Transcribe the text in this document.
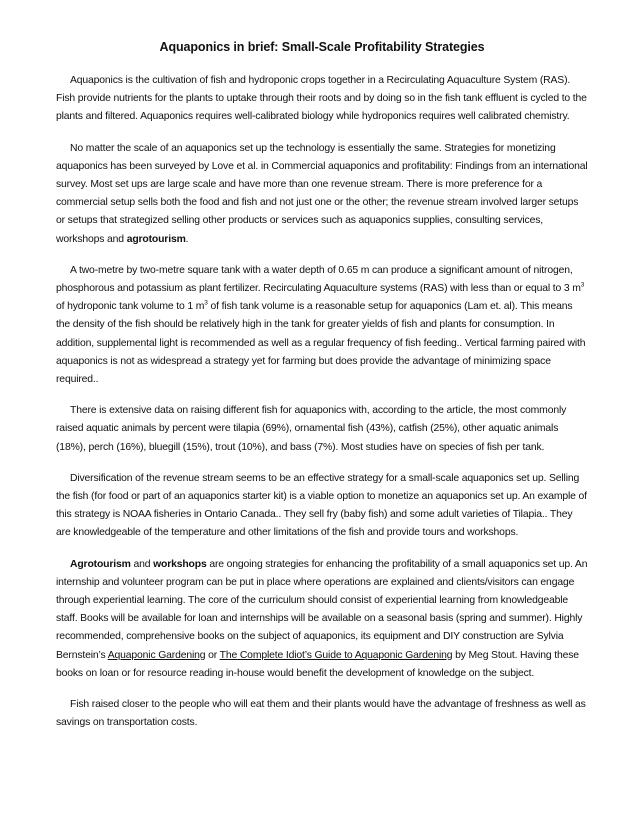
Aquaponics in brief: Small-Scale Profitability Strategies

Aquaponics is the cultivation of fish and hydroponic crops together in a Recirculating Aquaculture System (RAS). Fish provide nutrients for the plants to uptake through their roots and by doing so in the fish tank effluent is cycled to the plants and filtered. Aquaponics requires well-calibrated biology while hydroponics requires well calibrated chemistry.

No matter the scale of an aquaponics set up the technology is essentially the same. Strategies for monetizing aquaponics has been surveyed by Love et al. in Commercial aquaponics and profitability: Findings from an international survey. Most set ups are large scale and have more than one revenue stream. There is more preference for a commercial setup sells both the food and fish and not just one or the other; the revenue stream involved larger setups or setups that strategized selling other products or services such as aquaponics supplies, consulting services, workshops and agrotourism.

A two-metre by two-metre square tank with a water depth of 0.65 m can produce a significant amount of nitrogen, phosphorous and potassium as plant fertilizer. Recirculating Aquaculture systems (RAS) with less than or equal to 3 $m^3$ of hydroponic tank volume to 1 $m^3$ of fish tank volume is a reasonable setup for aquaponics (Lam et. al). This means the density of the fish should be relatively high in the tank for greater yields of fish and plants for consumption. In addition, supplemental light is recommended as well as a regular frequency of fish feeding.. Vertical farming paired with aquaponics is not as widespread a strategy yet for farming but does provide the advantage of minimizing space required..

There is extensive data on raising different fish for aquaponics with, according to the article, the most commonly raised aquatic animals by percent were tilapia (69%), ornamental fish (43%), catfish (25%), other aquatic animals (18%), perch (16%), bluegill (15%), trout (10%), and bass (7%). Most studies have on species of fish per tank.

Diversification of the revenue stream seems to be an effective strategy for a small-scale aquaponics set up. Selling the fish (for food or part of an aquaponics starter kit) is a viable option to monetize an aquaponics set up. An example of this strategy is NOAA fisheries in Ontario Canada.. They sell fry (baby fish) and some adult varieties of Tilapia.. They are knowledgeable of the temperature and other limitations of the fish and provide tours and workshops.

Agrotourism and workshops are ongoing strategies for enhancing the profitability of a small aquaponics set up. An internship and volunteer program can be put in place where operations are explained and clients/visitors can engage through experiential learning. The core of the curriculum should consist of experiential learning from knowledgeable staff. Books will be available for loan and internships will be available on a seasonal basis (spring and summer). Highly recommended, comprehensive books on the subject of aquaponics, its equipment and DIY construction are Sylvia Bernstein’s Aquaponic Gardening or The Complete Idiot’s Guide to Aquaponic Gardening by Meg Stout. Having these books on loan or for resource reading in-house would benefit the development of knowledge on the subject.

Fish raised closer to the people who will eat them and their plants would have the advantage of freshness as well as savings on transportation costs.
